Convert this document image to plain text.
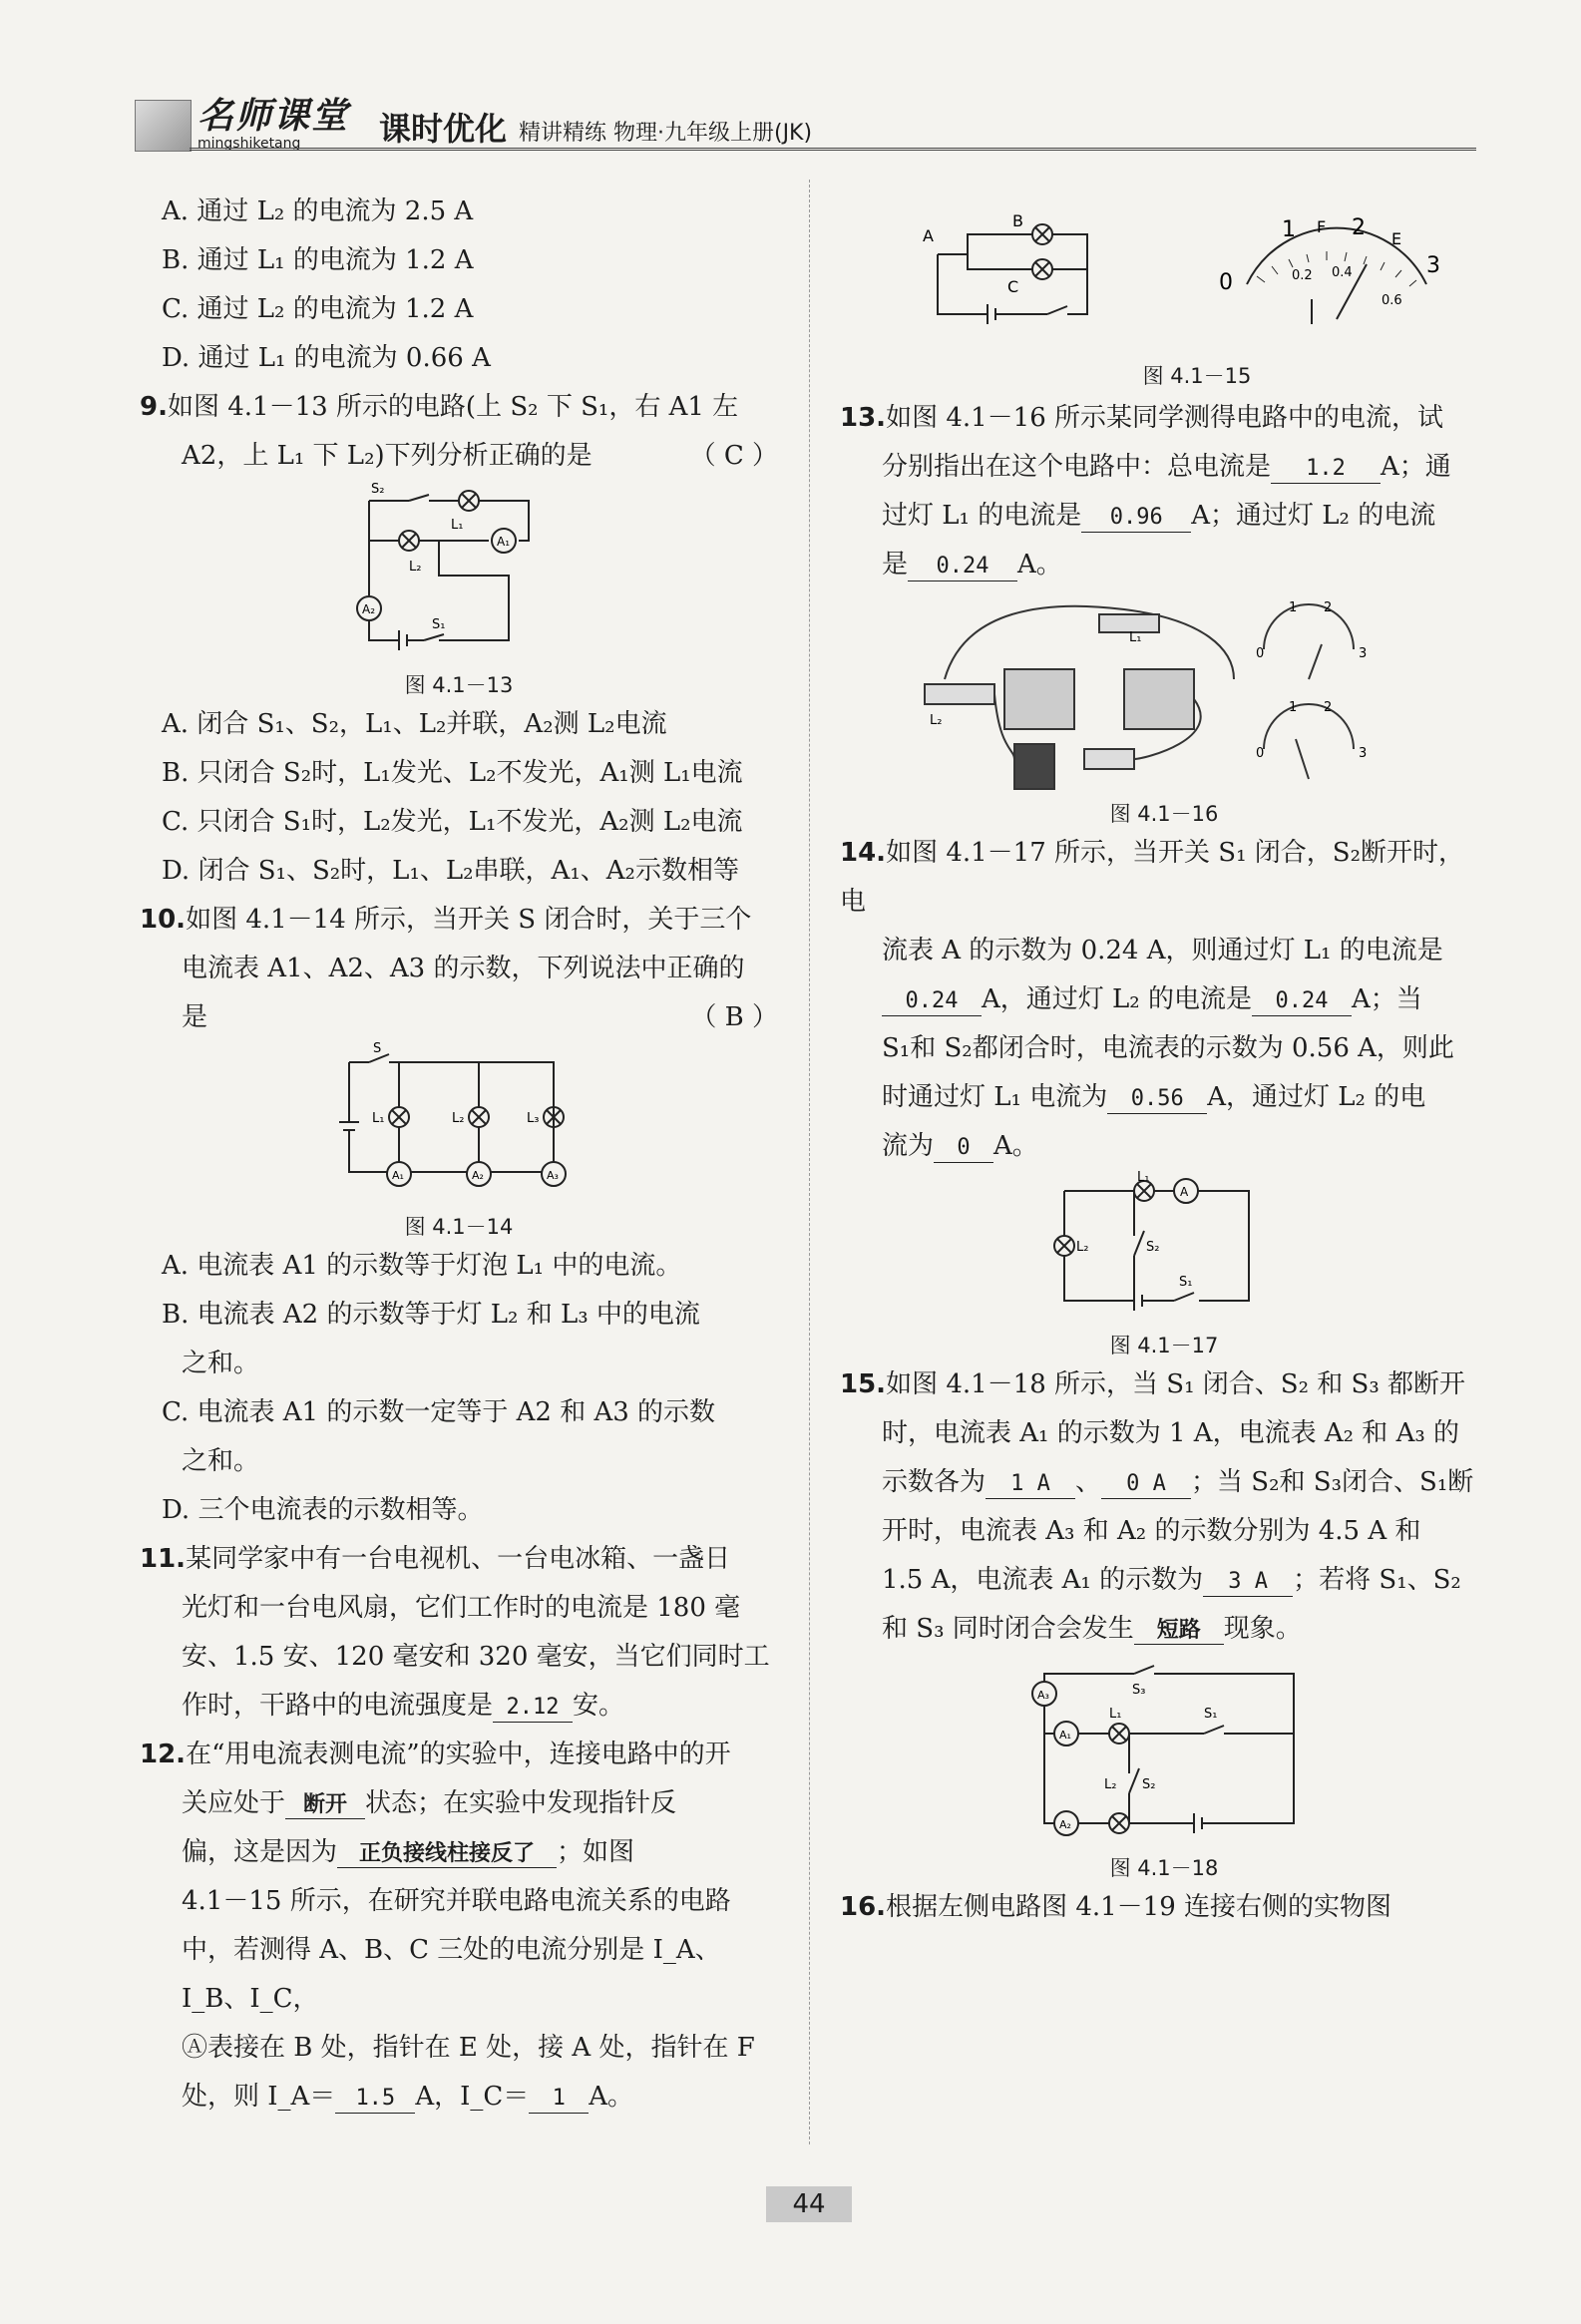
名师课堂
mingshiketang 课时优化 精讲精练 物理·九年级上册(JK)

A. 通过 L₂ 的电流为 2.5 A

B. 通过 L₁ 的电流为 1.2 A

C. 通过 L₂ 的电流为 1.2 A

D. 通过 L₁ 的电流为 0.66 A

9.如图 4.1－13 所示的电路(上 S₂ 下 S₁，右 A1 左

A2，上 L₁ 下 L₂)下列分析正确的是	（ C ）

S₂
L₁
A₁
L₂
A₂
S₁

图 4.1－13

A. 闭合 S₁、S₂，L₁、L₂并联，A₂测 L₂电流

B. 只闭合 S₂时，L₁发光、L₂不发光，A₁测 L₁电流

C. 只闭合 S₁时，L₂发光，L₁不发光，A₂测 L₂电流

D. 闭合 S₁、S₂时，L₁、L₂串联，A₁、A₂示数相等

10.如图 4.1－14 所示，当开关 S 闭合时，关于三个

电流表 A1、A2、A3 的示数，下列说法中正确的

是	（ B ）

S
L₁	L₂	L₃
A₁	A₂	A₃

图 4.1－14

A. 电流表 A1 的示数等于灯泡 L₁ 中的电流。

B. 电流表 A2 的示数等于灯 L₂ 和 L₃ 中的电流

之和。

C. 电流表 A1 的示数一定等于 A2 和 A3 的示数

之和。

D. 三个电流表的示数相等。

11.某同学家中有一台电视机、一台电冰箱、一盏日

光灯和一台电风扇，它们工作时的电流是 180 毫

安、1.5 安、120 毫安和 320 毫安，当它们同时工

作时，干路中的电流强度是 2.12 安。

12.在“用电流表测电流”的实验中，连接电路中的开

关应处于 断开 状态；在实验中发现指针反

偏，这是因为 正负接线柱接反了 ；如图

4.1－15 所示，在研究并联电路电流关系的电路

中，若测得 A、B、C 三处的电流分别是 I_A、I_B、I_C，

Ⓐ表接在 B 处，指针在 E 处，接 A 处，指针在 F

处，则 I_A＝ 1.5 A，I_C＝ 1 A。

A
B
C	0
1 F 2 E
3
0.2 0.4
0.6
图 4.1－15

13.如图 4.1－16 所示某同学测得电路中的电流，试

分别指出在这个电路中：总电流是 1.2 A；通

过灯 L₁ 的电流是 0.96 A；通过灯 L₂ 的电流

是 0.24 A。

1 2
0	3
1 2
0	3
L₁
L₂

图 4.1－16

14.如图 4.1－17 所示，当开关 S₁ 闭合，S₂断开时，电

流表 A 的示数为 0.24 A，则通过灯 L₁ 的电流是

0.24 A，通过灯 L₂ 的电流是 0.24 A；当

S₁和 S₂都闭合时，电流表的示数为 0.56 A，则此

时通过灯 L₁ 电流为 0.56 A，通过灯 L₂ 的电

流为 0 A。

L₁
A
L₂	S₂
S₁

图 4.1－17

15.如图 4.1－18 所示，当 S₁ 闭合、S₂ 和 S₃ 都断开

时，电流表 A₁ 的示数为 1 A，电流表 A₂ 和 A₃ 的

示数各为 1 A 、 0 A ；当 S₂和 S₃闭合、S₁断

开时，电流表 A₃ 和 A₂ 的示数分别为 4.5 A 和

1.5 A，电流表 A₁ 的示数为 3 A ；若将 S₁、S₂

和 S₃ 同时闭合会发生 短路 现象。

A₃
A₁
A₂
S₃
L₁	S₁
L₂ S₂

图 4.1－18

16.根据左侧电路图 4.1－19 连接右侧的实物图

44
